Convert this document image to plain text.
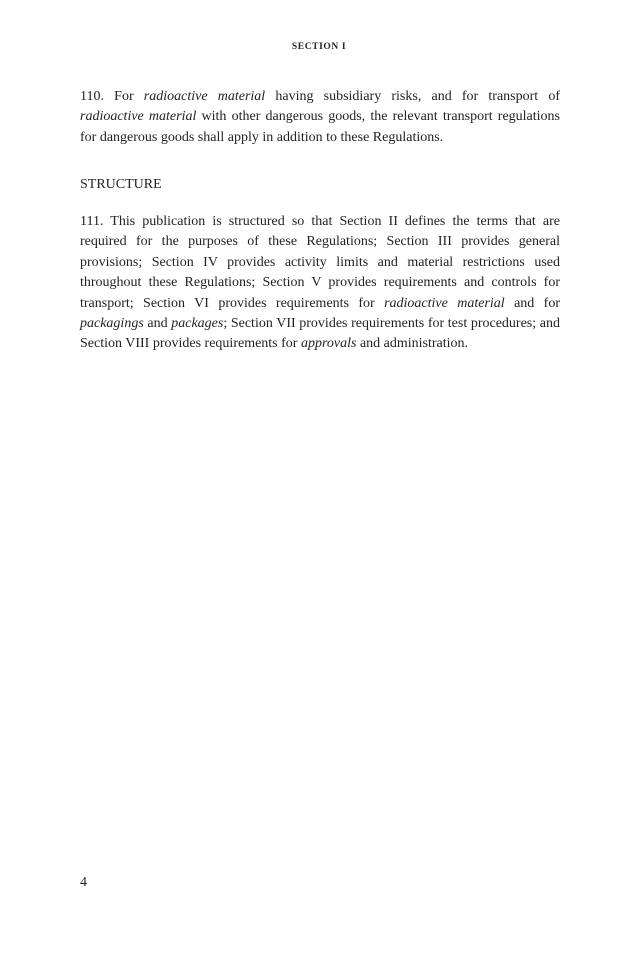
SECTION I

110. For radioactive material having subsidiary risks, and for transport of radioactive material with other dangerous goods, the relevant transport regulations for dangerous goods shall apply in addition to these Regulations.

STRUCTURE

111. This publication is structured so that Section II defines the terms that are required for the purposes of these Regulations; Section III provides general provisions; Section IV provides activity limits and material restrictions used throughout these Regulations; Section V provides requirements and controls for transport; Section VI provides requirements for radioactive material and for packagings and packages; Section VII provides requirements for test procedures; and Section VIII provides requirements for approvals and administration.

4
